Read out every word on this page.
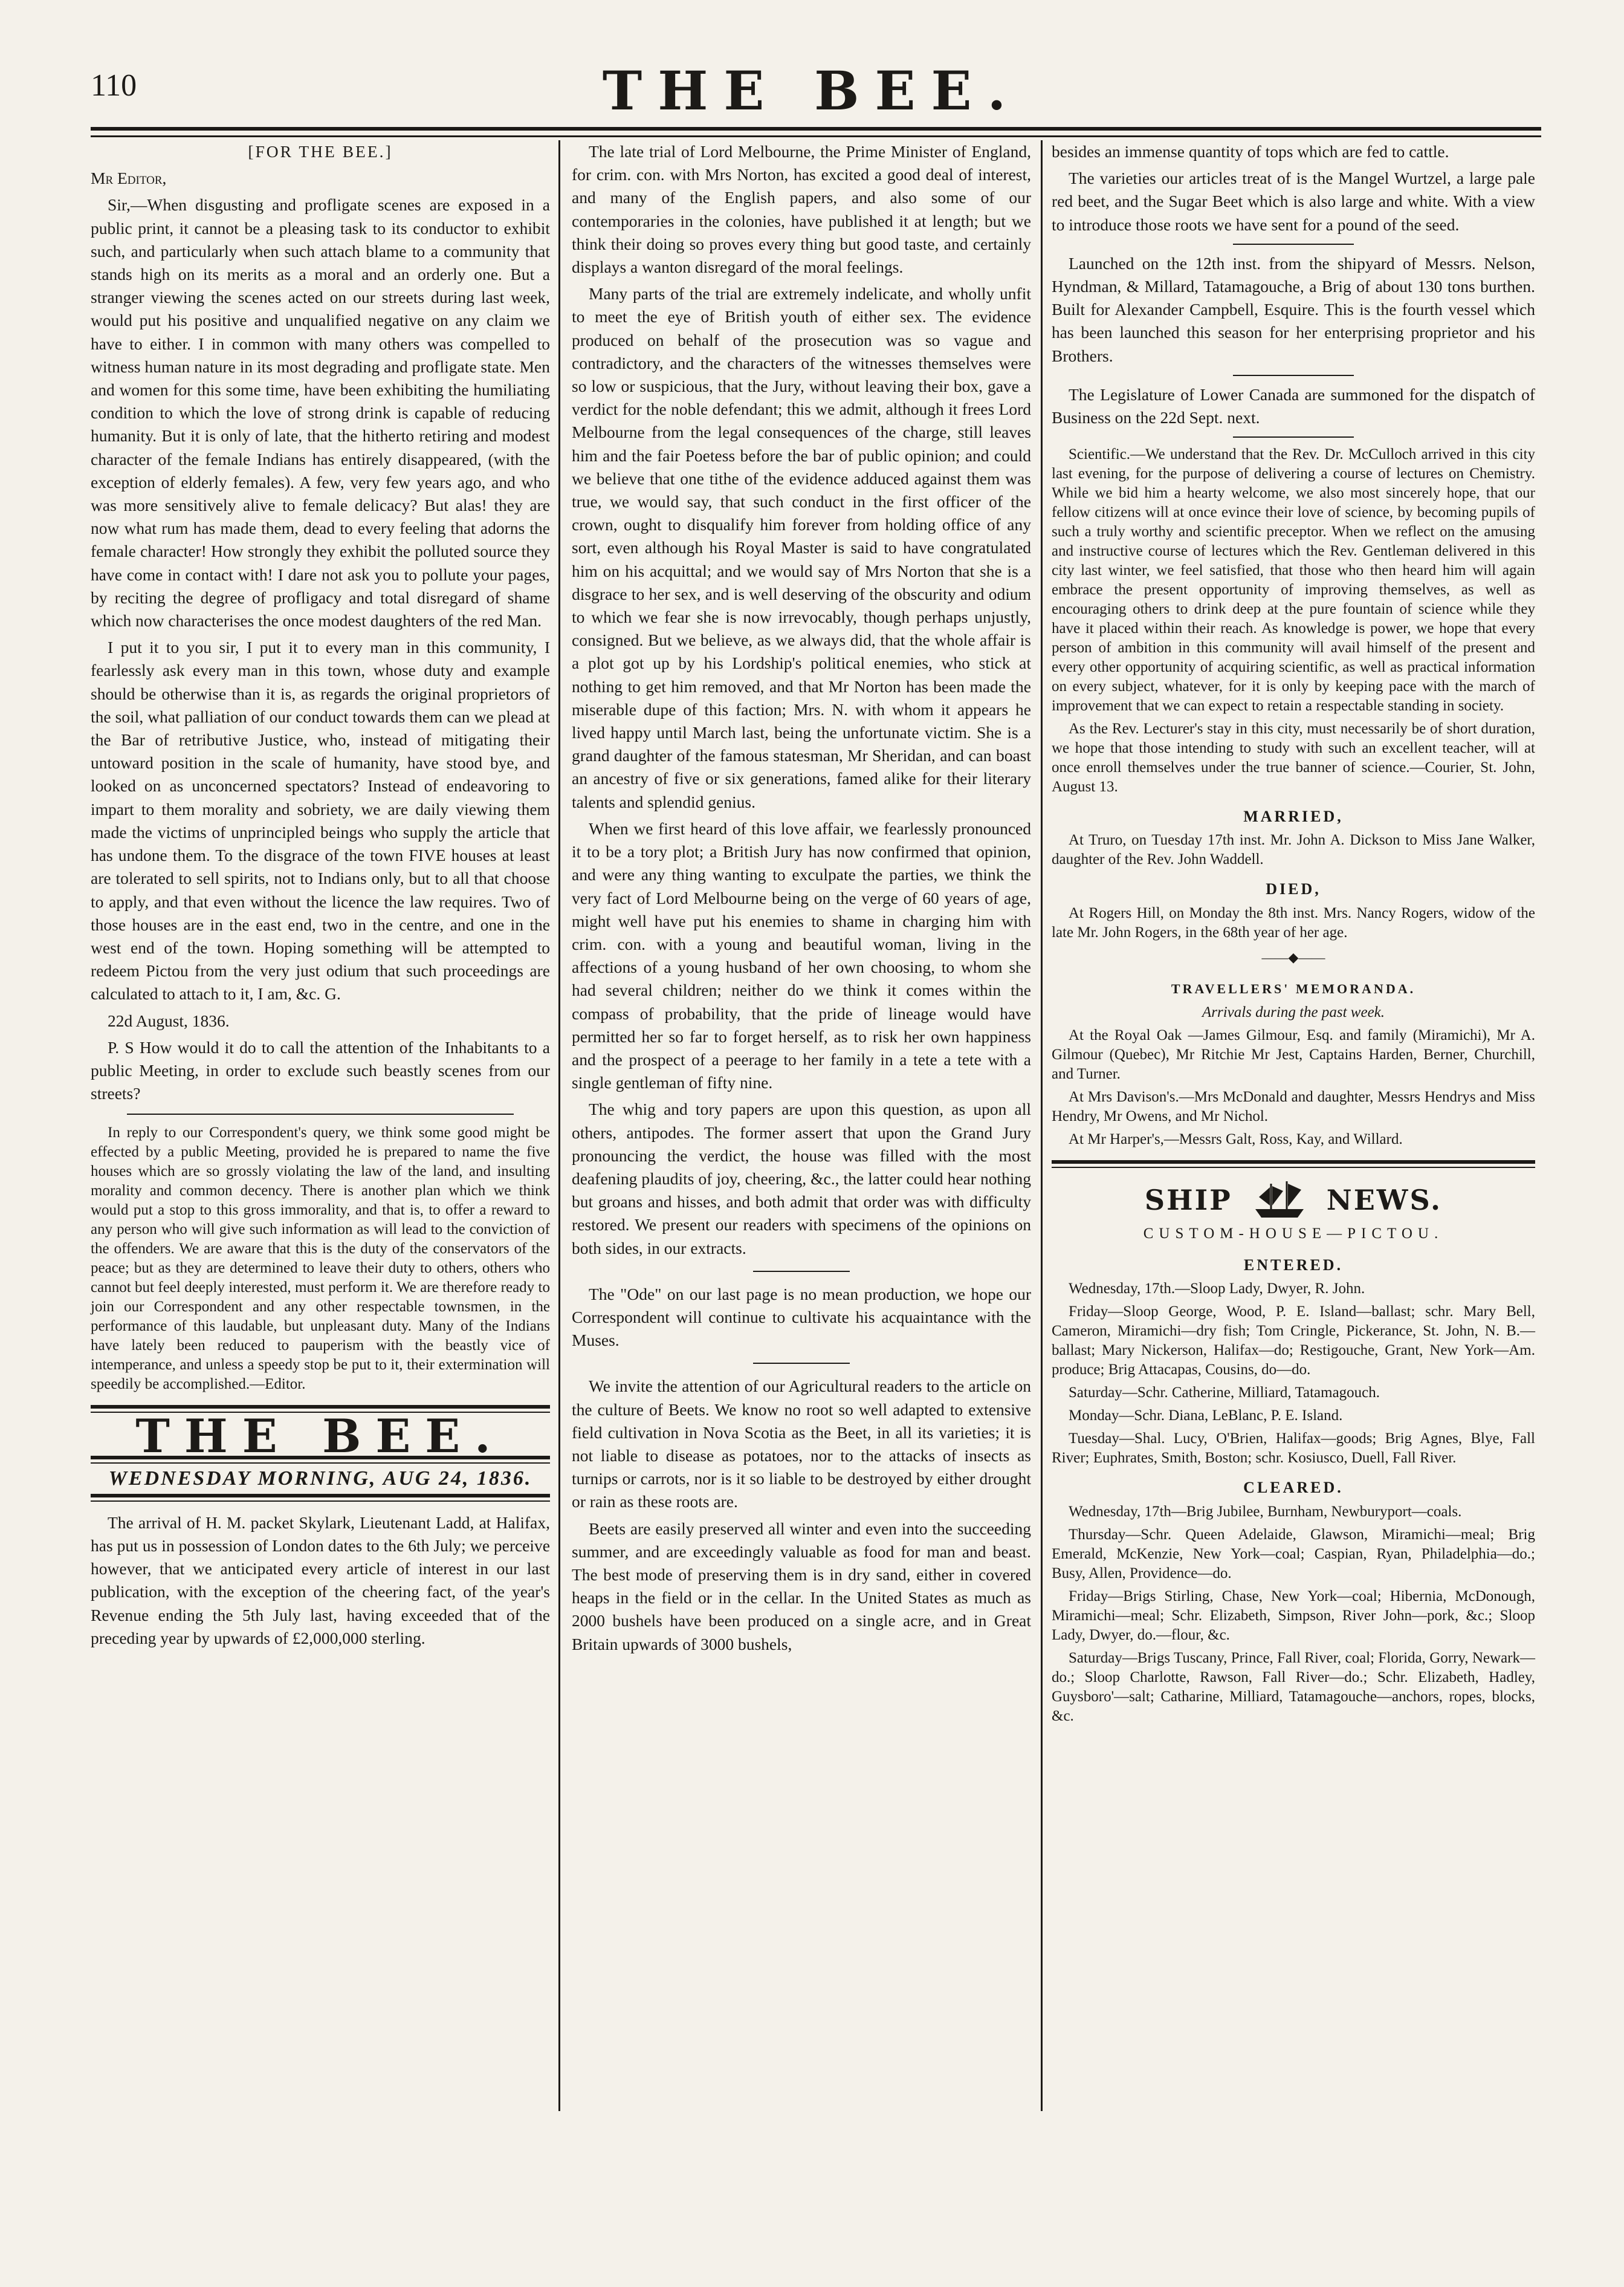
110	THE BEE.

[FOR THE BEE.]

Mr Editor,

Sir,—When disgusting and profligate scenes are exposed in a public print, it cannot be a pleasing task to its conductor to exhibit such, and particularly when such attach blame to a community that stands high on its merits as a moral and an orderly one. But a stranger viewing the scenes acted on our streets during last week, would put his positive and unqualified negative on any claim we have to either. I in common with many others was compelled to witness human nature in its most degrading and profligate state. Men and women for this some time, have been exhibiting the humiliating condition to which the love of strong drink is capable of reducing humanity. But it is only of late, that the hitherto retiring and modest character of the female Indians has entirely disappeared, (with the exception of elderly females). A few, very few years ago, and who was more sensitively alive to female delicacy? But alas! they are now what rum has made them, dead to every feeling that adorns the female character! How strongly they exhibit the polluted source they have come in contact with! I dare not ask you to pollute your pages, by reciting the degree of profligacy and total disregard of shame which now characterises the once modest daughters of the red Man.

I put it to you sir, I put it to every man in this community, I fearlessly ask every man in this town, whose duty and example should be otherwise than it is, as regards the original proprietors of the soil, what palliation of our conduct towards them can we plead at the Bar of retributive Justice, who, instead of mitigating their untoward position in the scale of humanity, have stood bye, and looked on as unconcerned spectators? Instead of endeavoring to impart to them morality and sobriety, we are daily viewing them made the victims of unprincipled beings who supply the article that has undone them. To the disgrace of the town FIVE houses at least are tolerated to sell spirits, not to Indians only, but to all that choose to apply, and that even without the licence the law requires. Two of those houses are in the east end, two in the centre, and one in the west end of the town. Hoping something will be attempted to redeem Pictou from the very just odium that such proceedings are calculated to attach to it, I am, &c. G.

22d August, 1836.

P. S How would it do to call the attention of the Inhabitants to a public Meeting, in order to exclude such beastly scenes from our streets?

In reply to our Correspondent's query, we think some good might be effected by a public Meeting, provided he is prepared to name the five houses which are so grossly violating the law of the land, and insulting morality and common decency. There is another plan which we think would put a stop to this gross immorality, and that is, to offer a reward to any person who will give such information as will lead to the conviction of the offenders. We are aware that this is the duty of the conservators of the peace; but as they are determined to leave their duty to others, others who cannot but feel deeply interested, must perform it. We are therefore ready to join our Correspondent and any other respectable townsmen, in the performance of this laudable, but unpleasant duty. Many of the Indians have lately been reduced to pauperism with the beastly vice of intemperance, and unless a speedy stop be put to it, their extermination will speedily be accomplished.—Editor.

THE BEE.
WEDNESDAY MORNING, AUG 24, 1836.

The arrival of H. M. packet Skylark, Lieutenant Ladd, at Halifax, has put us in possession of London dates to the 6th July; we perceive however, that we anticipated every article of interest in our last publication, with the exception of the cheering fact, of the year's Revenue ending the 5th July last, having exceeded that of the preceding year by upwards of £2,000,000 sterling.

The late trial of Lord Melbourne, the Prime Minister of England, for crim. con. with Mrs Norton, has excited a good deal of interest, and many of the English papers, and also some of our contemporaries in the colonies, have published it at length; but we think their doing so proves every thing but good taste, and certainly displays a wanton disregard of the moral feelings.

Many parts of the trial are extremely indelicate, and wholly unfit to meet the eye of British youth of either sex. The evidence produced on behalf of the prosecution was so vague and contradictory, and the characters of the witnesses themselves were so low or suspicious, that the Jury, without leaving their box, gave a verdict for the noble defendant; this we admit, although it frees Lord Melbourne from the legal consequences of the charge, still leaves him and the fair Poetess before the bar of public opinion; and could we believe that one tithe of the evidence adduced against them was true, we would say, that such conduct in the first officer of the crown, ought to disqualify him forever from holding office of any sort, even although his Royal Master is said to have congratulated him on his acquittal; and we would say of Mrs Norton that she is a disgrace to her sex, and is well deserving of the obscurity and odium to which we fear she is now irrevocably, though perhaps unjustly, consigned. But we believe, as we always did, that the whole affair is a plot got up by his Lordship's political enemies, who stick at nothing to get him removed, and that Mr Norton has been made the miserable dupe of this faction; Mrs. N. with whom it appears he lived happy until March last, being the unfortunate victim. She is a grand daughter of the famous statesman, Mr Sheridan, and can boast an ancestry of five or six generations, famed alike for their literary talents and splendid genius.

When we first heard of this love affair, we fearlessly pronounced it to be a tory plot; a British Jury has now confirmed that opinion, and were any thing wanting to exculpate the parties, we think the very fact of Lord Melbourne being on the verge of 60 years of age, might well have put his enemies to shame in charging him with crim. con. with a young and beautiful woman, living in the affections of a young husband of her own choosing, to whom she had several children; neither do we think it comes within the compass of probability, that the pride of lineage would have permitted her so far to forget herself, as to risk her own happiness and the prospect of a peerage to her family in a tete a tete with a single gentleman of fifty nine.

The whig and tory papers are upon this question, as upon all others, antipodes. The former assert that upon the Grand Jury pronouncing the verdict, the house was filled with the most deafening plaudits of joy, cheering, &c., the latter could hear nothing but groans and hisses, and both admit that order was with difficulty restored. We present our readers with specimens of the opinions on both sides, in our extracts.

The "Ode" on our last page is no mean production, we hope our Correspondent will continue to cultivate his acquaintance with the Muses.

We invite the attention of our Agricultural readers to the article on the culture of Beets. We know no root so well adapted to extensive field cultivation in Nova Scotia as the Beet, in all its varieties; it is not liable to disease as potatoes, nor to the attacks of insects as turnips or carrots, nor is it so liable to be destroyed by either drought or rain as these roots are.

Beets are easily preserved all winter and even into the succeeding summer, and are exceedingly valuable as food for man and beast. The best mode of preserving them is in dry sand, either in covered heaps in the field or in the cellar. In the United States as much as 2000 bushels have been produced on a single acre, and in Great Britain upwards of 3000 bushels,

besides an immense quantity of tops which are fed to cattle.

The varieties our articles treat of is the Mangel Wurtzel, a large pale red beet, and the Sugar Beet which is also large and white. With a view to introduce those roots we have sent for a pound of the seed.

Launched on the 12th inst. from the shipyard of Messrs. Nelson, Hyndman, & Millard, Tatamagouche, a Brig of about 130 tons burthen. Built for Alexander Campbell, Esquire. This is the fourth vessel which has been launched this season for her enterprising proprietor and his Brothers.

The Legislature of Lower Canada are summoned for the dispatch of Business on the 22d Sept. next.

Scientific.—We understand that the Rev. Dr. McCulloch arrived in this city last evening, for the purpose of delivering a course of lectures on Chemistry. While we bid him a hearty welcome, we also most sincerely hope, that our fellow citizens will at once evince their love of science, by becoming pupils of such a truly worthy and scientific preceptor. When we reflect on the amusing and instructive course of lectures which the Rev. Gentleman delivered in this city last winter, we feel satisfied, that those who then heard him will again embrace the present opportunity of improving themselves, as well as encouraging others to drink deep at the pure fountain of science while they have it placed within their reach. As knowledge is power, we hope that every person of ambition in this community will avail himself of the present and every other opportunity of acquiring scientific, as well as practical information on every subject, whatever, for it is only by keeping pace with the march of improvement that we can expect to retain a respectable standing in society.

As the Rev. Lecturer's stay in this city, must necessarily be of short duration, we hope that those intending to study with such an excellent teacher, will at once enroll themselves under the true banner of science.—Courier, St. John, August 13.

MARRIED,

At Truro, on Tuesday 17th inst. Mr. John A. Dickson to Miss Jane Walker, daughter of the Rev. John Waddell.

DIED,

At Rogers Hill, on Monday the 8th inst. Mrs. Nancy Rogers, widow of the late Mr. John Rogers, in the 68th year of her age.

——◆——
TRAVELLERS' MEMORANDA.

Arrivals during the past week.

At the Royal Oak —James Gilmour, Esq. and family (Miramichi), Mr A. Gilmour (Quebec), Mr Ritchie Mr Jest, Captains Harden, Berner, Churchill, and Turner.

At Mrs Davison's.—Mrs McDonald and daughter, Messrs Hendrys and Miss Hendry, Mr Owens, and Mr Nichol.

At Mr Harper's,—Messrs Galt, Ross, Kay, and Willard.

SHIP	NEWS.
CUSTOM-HOUSE—PICTOU.
ENTERED.

Wednesday, 17th.—Sloop Lady, Dwyer, R. John.

Friday—Sloop George, Wood, P. E. Island—ballast; schr. Mary Bell, Cameron, Miramichi—dry fish; Tom Cringle, Pickerance, St. John, N. B.—ballast; Mary Nickerson, Halifax—do; Restigouche, Grant, New York—Am. produce; Brig Attacapas, Cousins, do—do.

Saturday—Schr. Catherine, Milliard, Tatamagouch.

Monday—Schr. Diana, LeBlanc, P. E. Island.

Tuesday—Shal. Lucy, O'Brien, Halifax—goods; Brig Agnes, Blye, Fall River; Euphrates, Smith, Boston; schr. Kosiusco, Duell, Fall River.

CLEARED.

Wednesday, 17th—Brig Jubilee, Burnham, Newburyport—coals.

Thursday—Schr. Queen Adelaide, Glawson, Miramichi—meal; Brig Emerald, McKenzie, New York—coal; Caspian, Ryan, Philadelphia—do.; Busy, Allen, Providence—do.

Friday—Brigs Stirling, Chase, New York—coal; Hibernia, McDonough, Miramichi—meal; Schr. Elizabeth, Simpson, River John—pork, &c.; Sloop Lady, Dwyer, do.—flour, &c.

Saturday—Brigs Tuscany, Prince, Fall River, coal; Florida, Gorry, Newark—do.; Sloop Charlotte, Rawson, Fall River—do.; Schr. Elizabeth, Hadley, Guysboro'—salt; Catharine, Milliard, Tatamagouche—anchors, ropes, blocks, &c.
